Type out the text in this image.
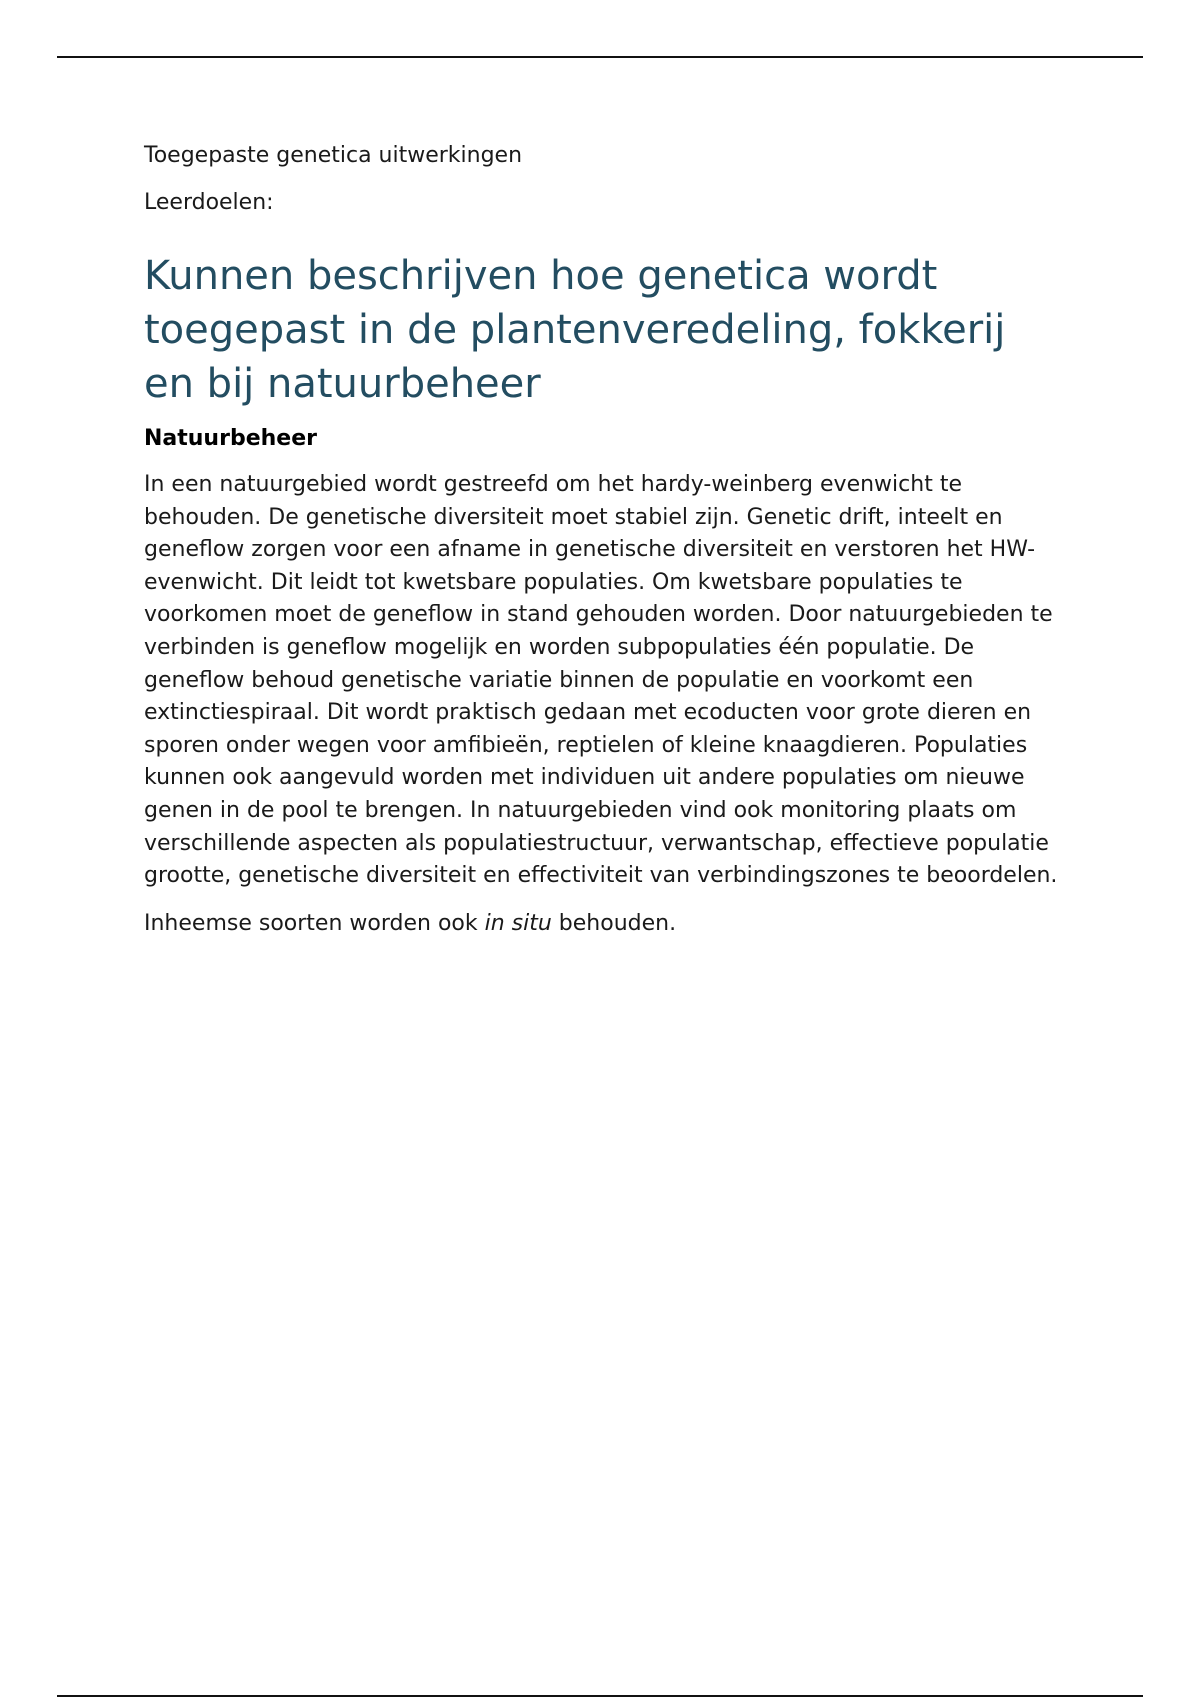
Toegepaste genetica uitwerkingen

Leerdoelen:

Kunnen beschrijven hoe genetica wordt toegepast in de plantenveredeling, fokkerij en bij natuurbeheer
Natuurbeheer

In een natuurgebied wordt gestreefd om het hardy-weinberg evenwicht te behouden. De genetische diversiteit moet stabiel zijn. Genetic drift, inteelt en geneflow zorgen voor een afname in genetische diversiteit en verstoren het HW-evenwicht. Dit leidt tot kwetsbare populaties. Om kwetsbare populaties te voorkomen moet de geneflow in stand gehouden worden. Door natuurgebieden te verbinden is geneflow mogelijk en worden subpopulaties één populatie. De geneflow behoud genetische variatie binnen de populatie en voorkomt een extinctiespiraal. Dit wordt praktisch gedaan met ecoducten voor grote dieren en sporen onder wegen voor amfibieën, reptielen of kleine knaagdieren. Populaties kunnen ook aangevuld worden met individuen uit andere populaties om nieuwe genen in de pool te brengen. In natuurgebieden vind ook monitoring plaats om verschillende aspecten als populatiestructuur, verwantschap, effectieve populatie grootte, genetische diversiteit en effectiviteit van verbindingszones te beoordelen.

Inheemse soorten worden ook in situ behouden.
